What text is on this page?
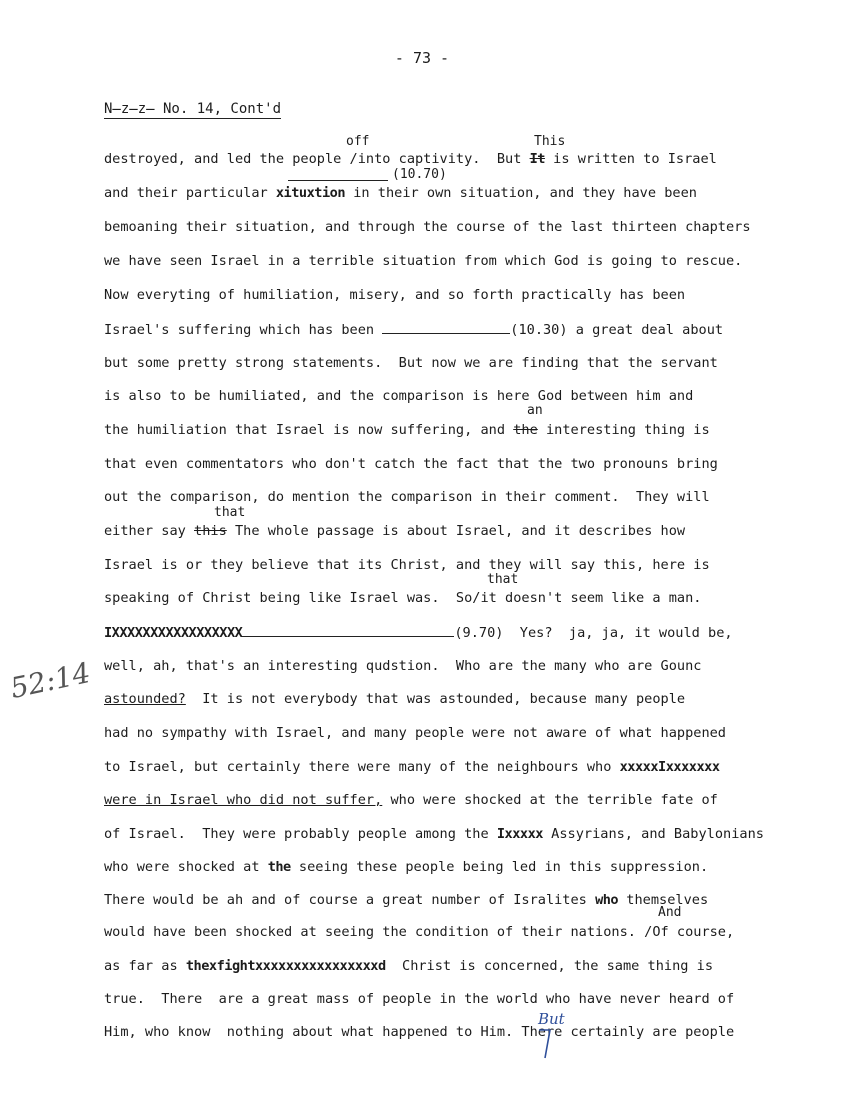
- 73 -
N̶z̶z̶ No. 14, Cont'd
off	This
(10.70)
an
that
that
And
destroyed, and led the people /into captivity.  But It is written to Israel
and their particular xituxtion in their own situation, and they have been
bemoaning their situation, and through the course of the last thirteen chapters
we have seen Israel in a terrible situation from which God is going to rescue.
Now everyting of humiliation, misery, and so forth practically has been
Israel's suffering which has been	(10.30) a great deal about
but some pretty strong statements.  But now we are finding that the servant
is also to be humiliated, and the comparison is here God between him and
the humiliation that Israel is now suffering, and the interesting thing is
that even commentators who don't catch the fact that the two pronouns bring
out the comparison, do mention the comparison in their comment.  They will
either say this The whole passage is about Israel, and it describes how
Israel is or they believe that its Christ, and they will say this, here is
speaking of Christ being like Israel was.  So/it doesn't seem like a man.
IXXXXXXXXXXXXXXXXX	(9.70)  Yes?  ja, ja, it would be,
well, ah, that's an interesting qudstion.  Who are the many who are Gounc
astounded?  It is not everybody that was astounded, because many people
had no sympathy with Israel, and many people were not aware of what happened
to Israel, but certainly there were many of the neighbours who xxxxxIxxxxxxx
were in Israel who did not suffer, who were shocked at the terrible fate of
of Israel.  They were probably people among the Ixxxxx Assyrians, and Babylonians
who were shocked at the seeing these people being led in this suppression.
There would be ah and of course a great number of Isralites who themselves
would have been shocked at seeing the condition of their nations. /Of course,
as far as thexfightxxxxxxxxxxxxxxxxd  Christ is concerned, the same thing is
true.  There  are a great mass of people in the world who have never heard of
Him, who know  nothing about what happened to Him. There certainly are people
52:14
But
